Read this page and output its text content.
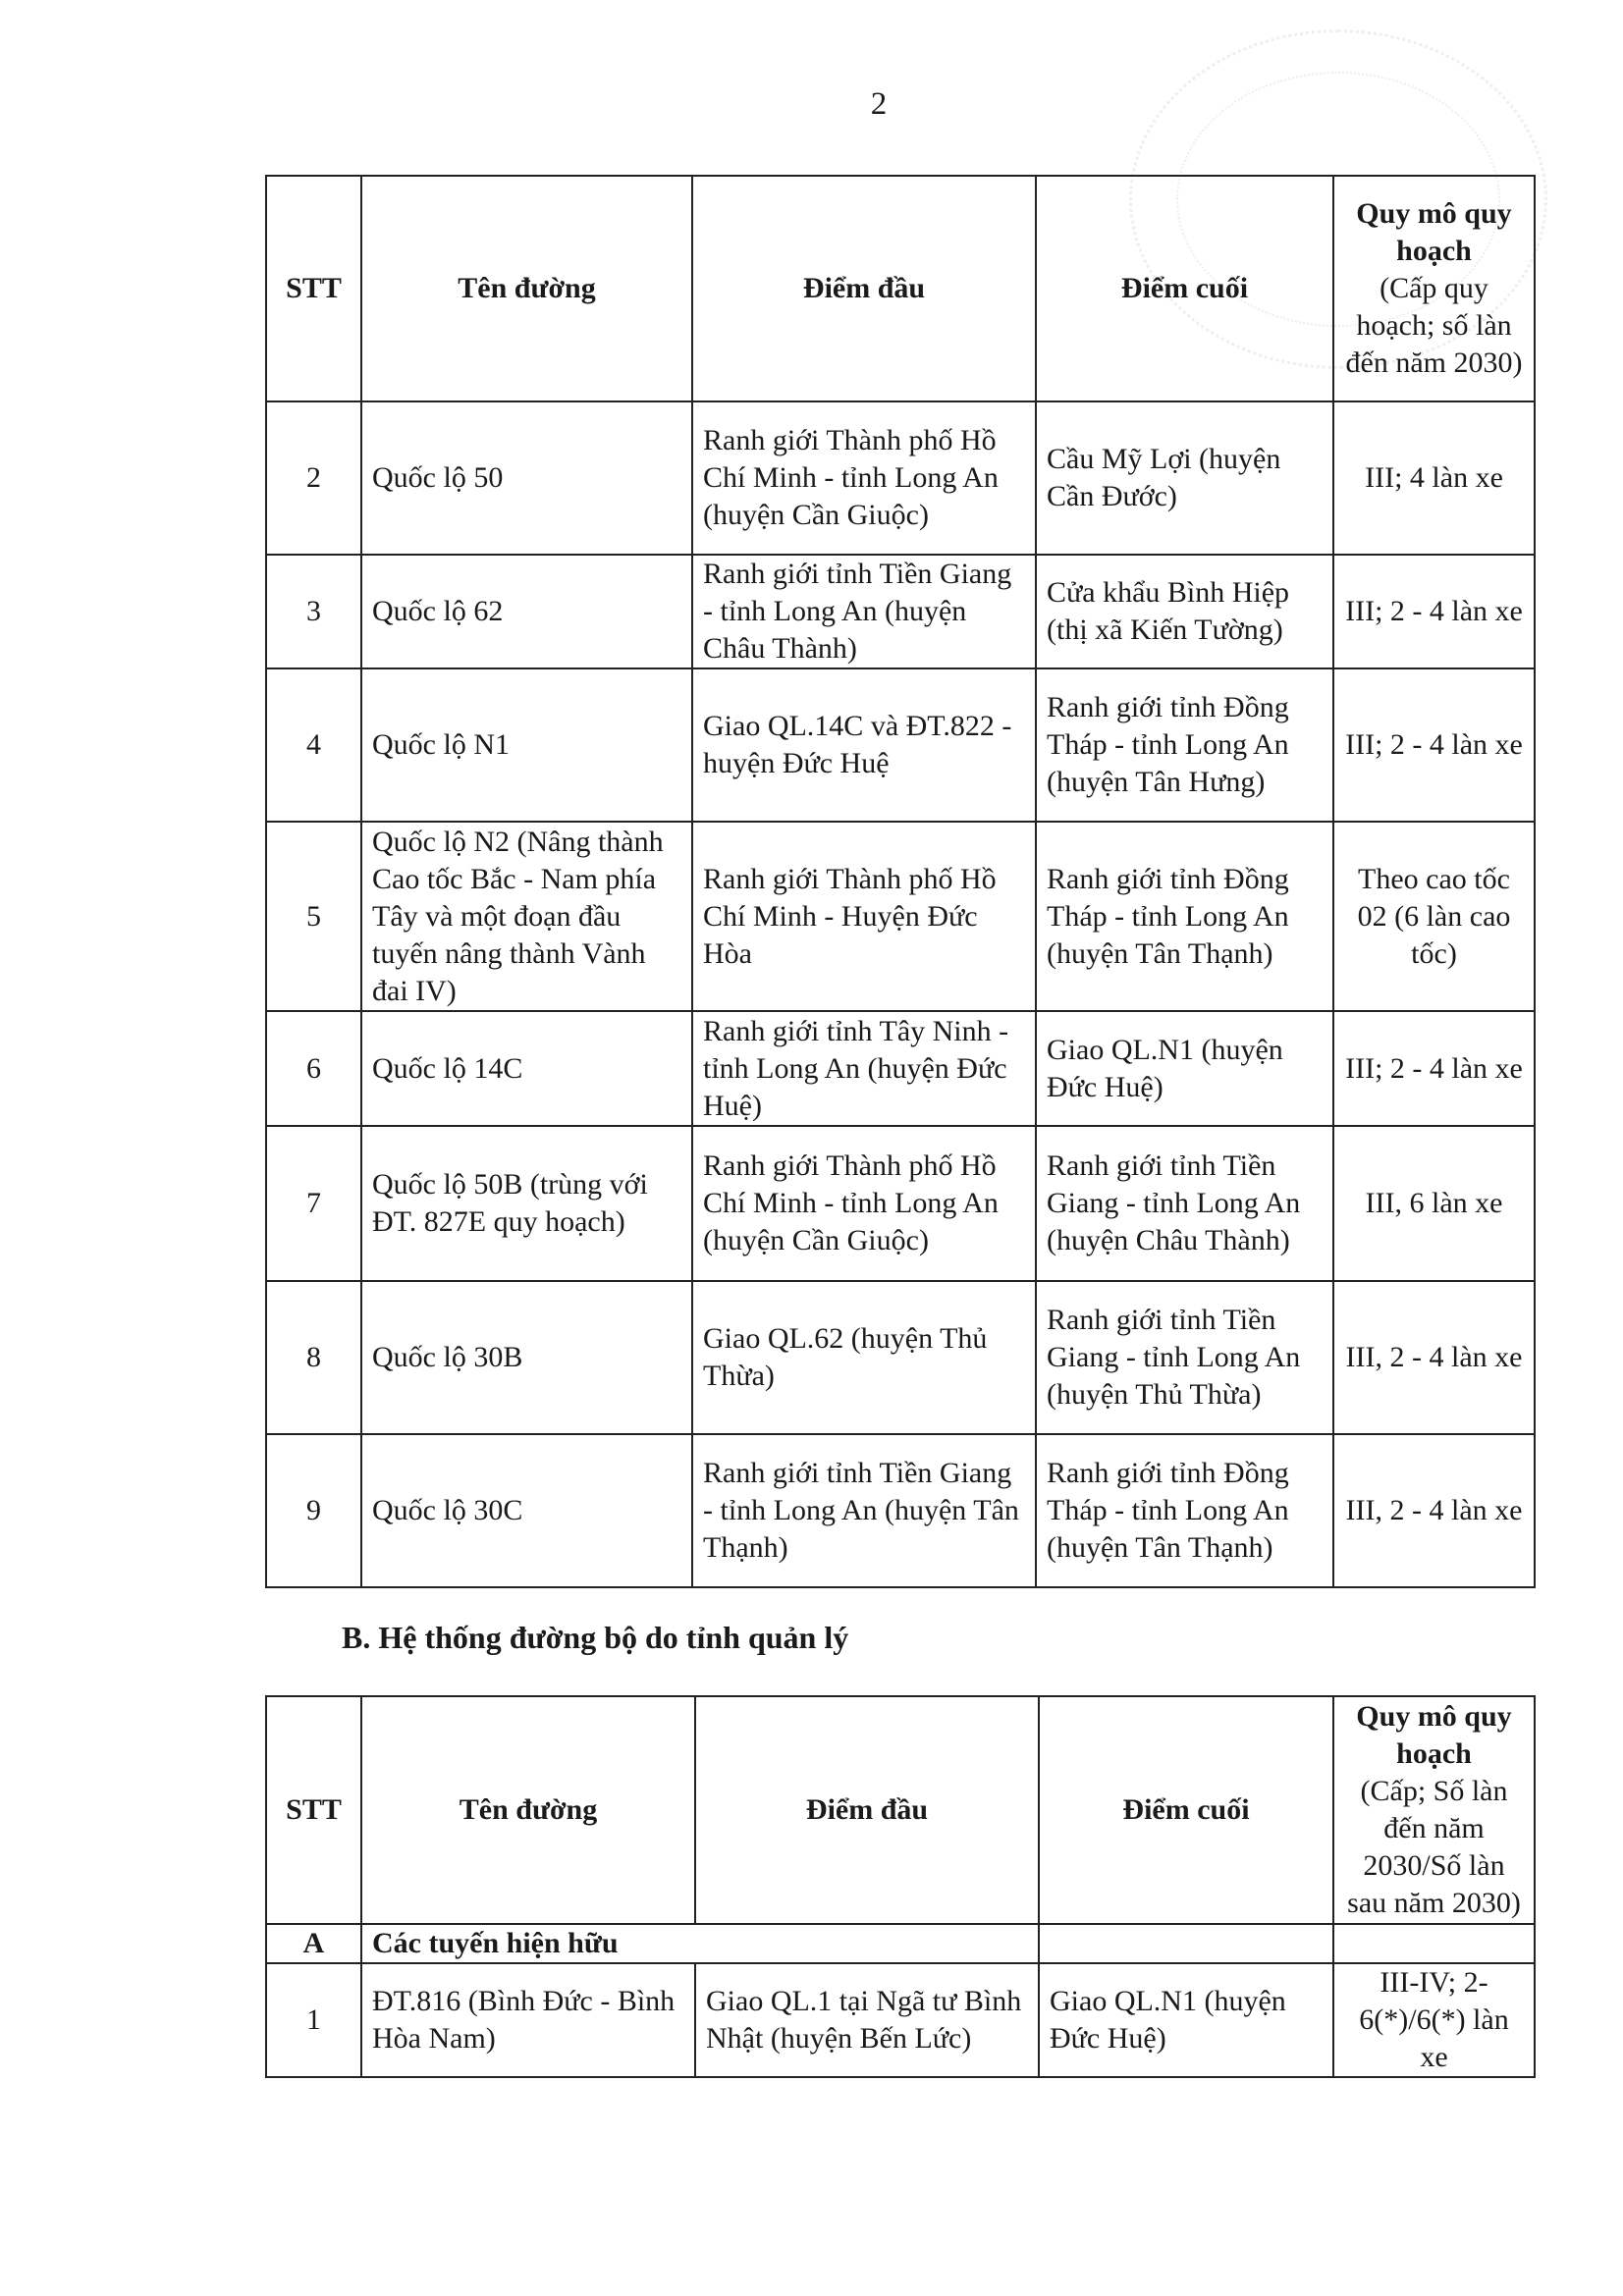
2
STT	Tên đường	Điểm đầu	Điểm cuối	Quy mô quy hoạch
(Cấp quy hoạch; số làn đến năm 2030)

2	Quốc lộ 50	Ranh giới Thành phố Hồ Chí Minh - tỉnh Long An (huyện Cần Giuộc)	Cầu Mỹ Lợi (huyện Cần Đước)	III; 4 làn xe
3	Quốc lộ 62	Ranh giới tỉnh Tiền Giang - tỉnh Long An (huyện Châu Thành)	Cửa khẩu Bình Hiệp (thị xã Kiến Tường)	III; 2 - 4 làn xe
4	Quốc lộ N1	Giao QL.14C và ĐT.822 - huyện Đức Huệ	Ranh giới tỉnh Đồng Tháp - tỉnh Long An (huyện Tân Hưng)	III; 2 - 4 làn xe
5	Quốc lộ N2 (Nâng thành Cao tốc Bắc - Nam phía Tây và một đoạn đầu tuyến nâng thành Vành đai IV)	Ranh giới Thành phố Hồ Chí Minh - Huyện Đức Hòa	Ranh giới tỉnh Đồng Tháp - tỉnh Long An (huyện Tân Thạnh)	Theo cao tốc 02 (6 làn cao tốc)
6	Quốc lộ 14C	Ranh giới tỉnh Tây Ninh - tỉnh Long An (huyện Đức Huệ)	Giao QL.N1 (huyện Đức Huệ)	III; 2 - 4 làn xe
7	Quốc lộ 50B (trùng với ĐT. 827E quy hoạch)	Ranh giới Thành phố Hồ Chí Minh - tỉnh Long An (huyện Cần Giuộc)	Ranh giới tỉnh Tiền Giang - tỉnh Long An (huyện Châu Thành)	III, 6 làn xe
8	Quốc lộ 30B	Giao QL.62 (huyện Thủ Thừa)	Ranh giới tỉnh Tiền Giang - tỉnh Long An (huyện Thủ Thừa)	III, 2 - 4 làn xe
9	Quốc lộ 30C	Ranh giới tỉnh Tiền Giang - tỉnh Long An (huyện Tân Thạnh)	Ranh giới tỉnh Đồng Tháp - tỉnh Long An (huyện Tân Thạnh)	III, 2 - 4 làn xe
B. Hệ thống đường bộ do tỉnh quản lý
STT	Tên đường	Điểm đầu	Điểm cuối	Quy mô quy hoạch
(Cấp; Số làn đến năm 2030/Số làn sau năm 2030)

A	Các tuyến hiện hữu			
1	ĐT.816 (Bình Đức - Bình Hòa Nam)	Giao QL.1 tại Ngã tư Bình Nhật (huyện Bến Lức)	Giao QL.N1 (huyện Đức Huệ)	III-IV; 2-6(*)/6(*) làn xe
